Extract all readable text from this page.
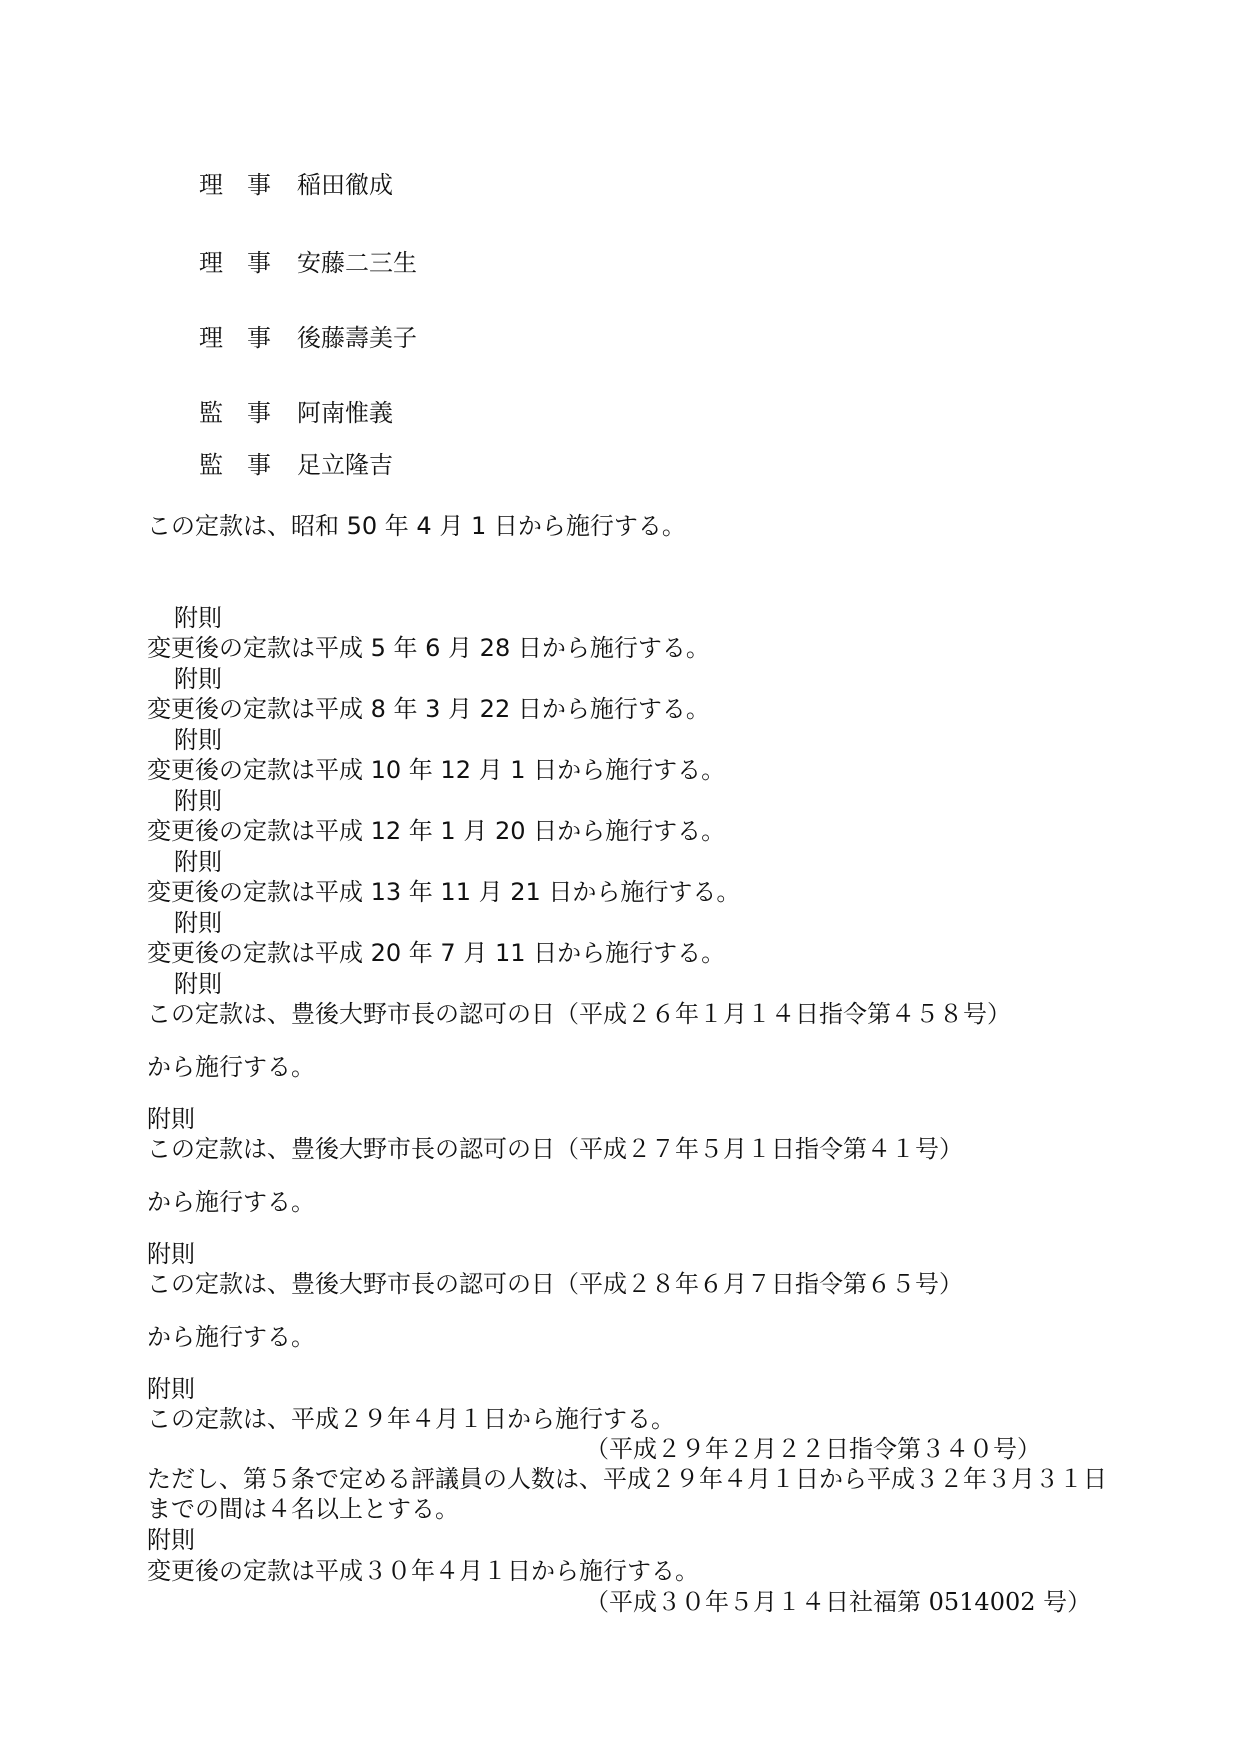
理　事 稲田徹成
理　事 安藤二三生
理　事 後藤壽美子
監　事 阿南惟義
監　事 足立隆吉
この定款は、昭和 50 年 4 月 1 日から施行する。
附則
変更後の定款は平成 5 年 6 月 28 日から施行する。
附則
変更後の定款は平成 8 年 3 月 22 日から施行する。
附則
変更後の定款は平成 10 年 12 月 1 日から施行する。
附則
変更後の定款は平成 12 年 1 月 20 日から施行する。
附則
変更後の定款は平成 13 年 11 月 21 日から施行する。
附則
変更後の定款は平成 20 年 7 月 11 日から施行する。
附則
この定款は、豊後大野市長の認可の日（平成２６年１月１４日指令第４５８号）
から施行する。
附則
この定款は、豊後大野市長の認可の日（平成２７年５月１日指令第４１号）
から施行する。
附則
この定款は、豊後大野市長の認可の日（平成２８年６月７日指令第６５号）
から施行する。
附則
この定款は、平成２９年４月１日から施行する。
（平成２９年２月２２日指令第３４０号）
ただし、第５条で定める評議員の人数は、平成２９年４月１日から平成３２年３月３１日
までの間は４名以上とする。
附則
変更後の定款は平成３０年４月１日から施行する。
（平成３０年５月１４日社福第 0514002 号）
